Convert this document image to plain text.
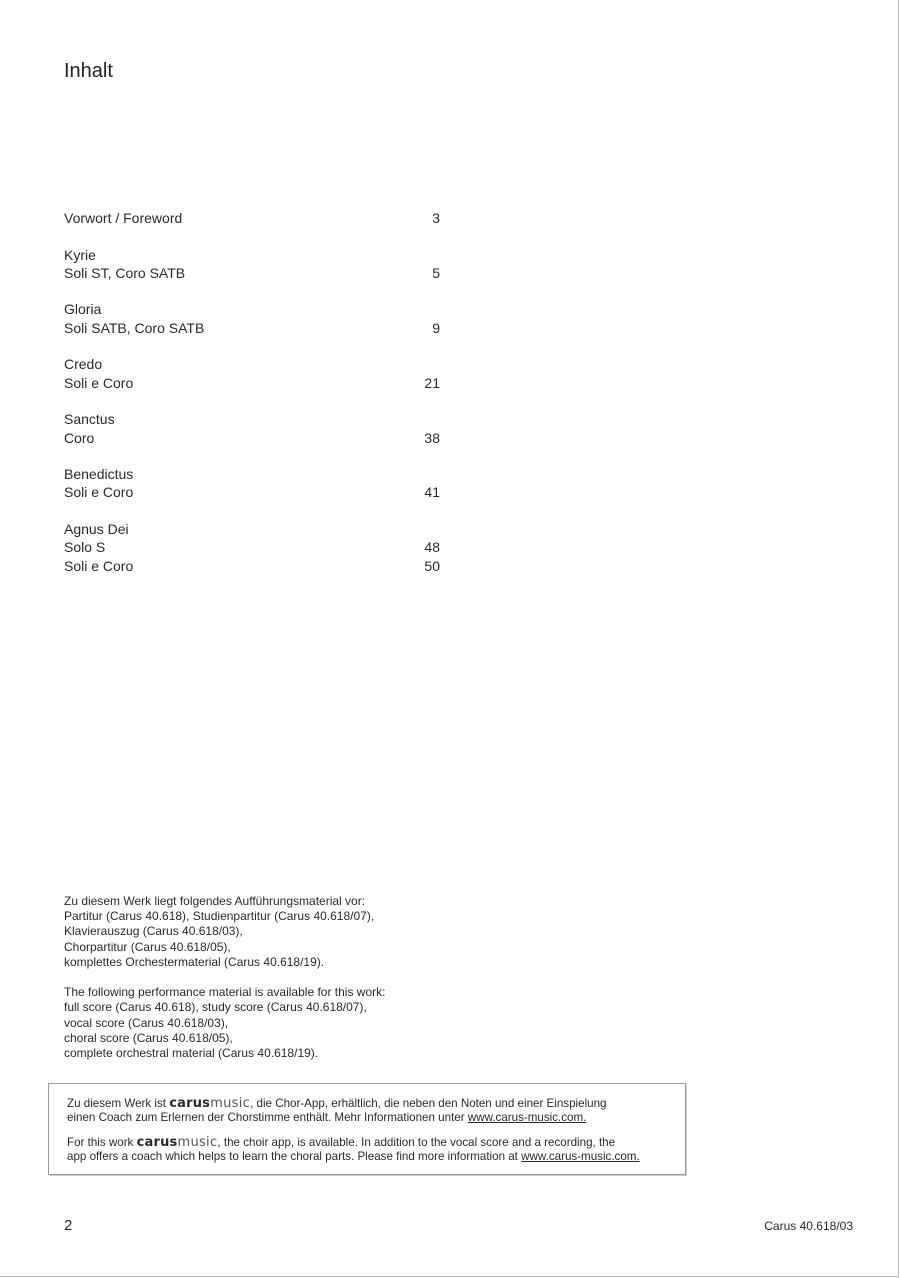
Inhalt
Vorwort / Foreword	3
Kyrie
Soli ST, Coro SATB	5
Gloria
Soli SATB, Coro SATB	9
Credo
Soli e Coro	21
Sanctus
Coro	38
Benedictus
Soli e Coro	41
Agnus Dei
Solo S	48
Soli e Coro	50
Zu diesem Werk liegt folgendes Aufführungsmaterial vor:
Partitur (Carus 40.618), Studienpartitur (Carus 40.618/07),
Klavierauszug (Carus 40.618/03),
Chorpartitur (Carus 40.618/05),
komplettes Orchestermaterial (Carus 40.618/19).
The following performance material is available for this work:
full score (Carus 40.618), study score (Carus 40.618/07),
vocal score (Carus 40.618/03),
choral score (Carus 40.618/05),
complete orchestral material (Carus 40.618/19).
Zu diesem Werk ist carusmusic, die Chor-App, erhältlich, die neben den Noten und einer Einspielung
einen Coach zum Erlernen der Chorstimme enthält. Mehr Informationen unter www.carus-music.com.
For this work carusmusic, the choir app, is available. In addition to the vocal score and a recording, the
app offers a coach which helps to learn the choral parts. Please find more information at www.carus-music.com.
2	Carus 40.618/03
